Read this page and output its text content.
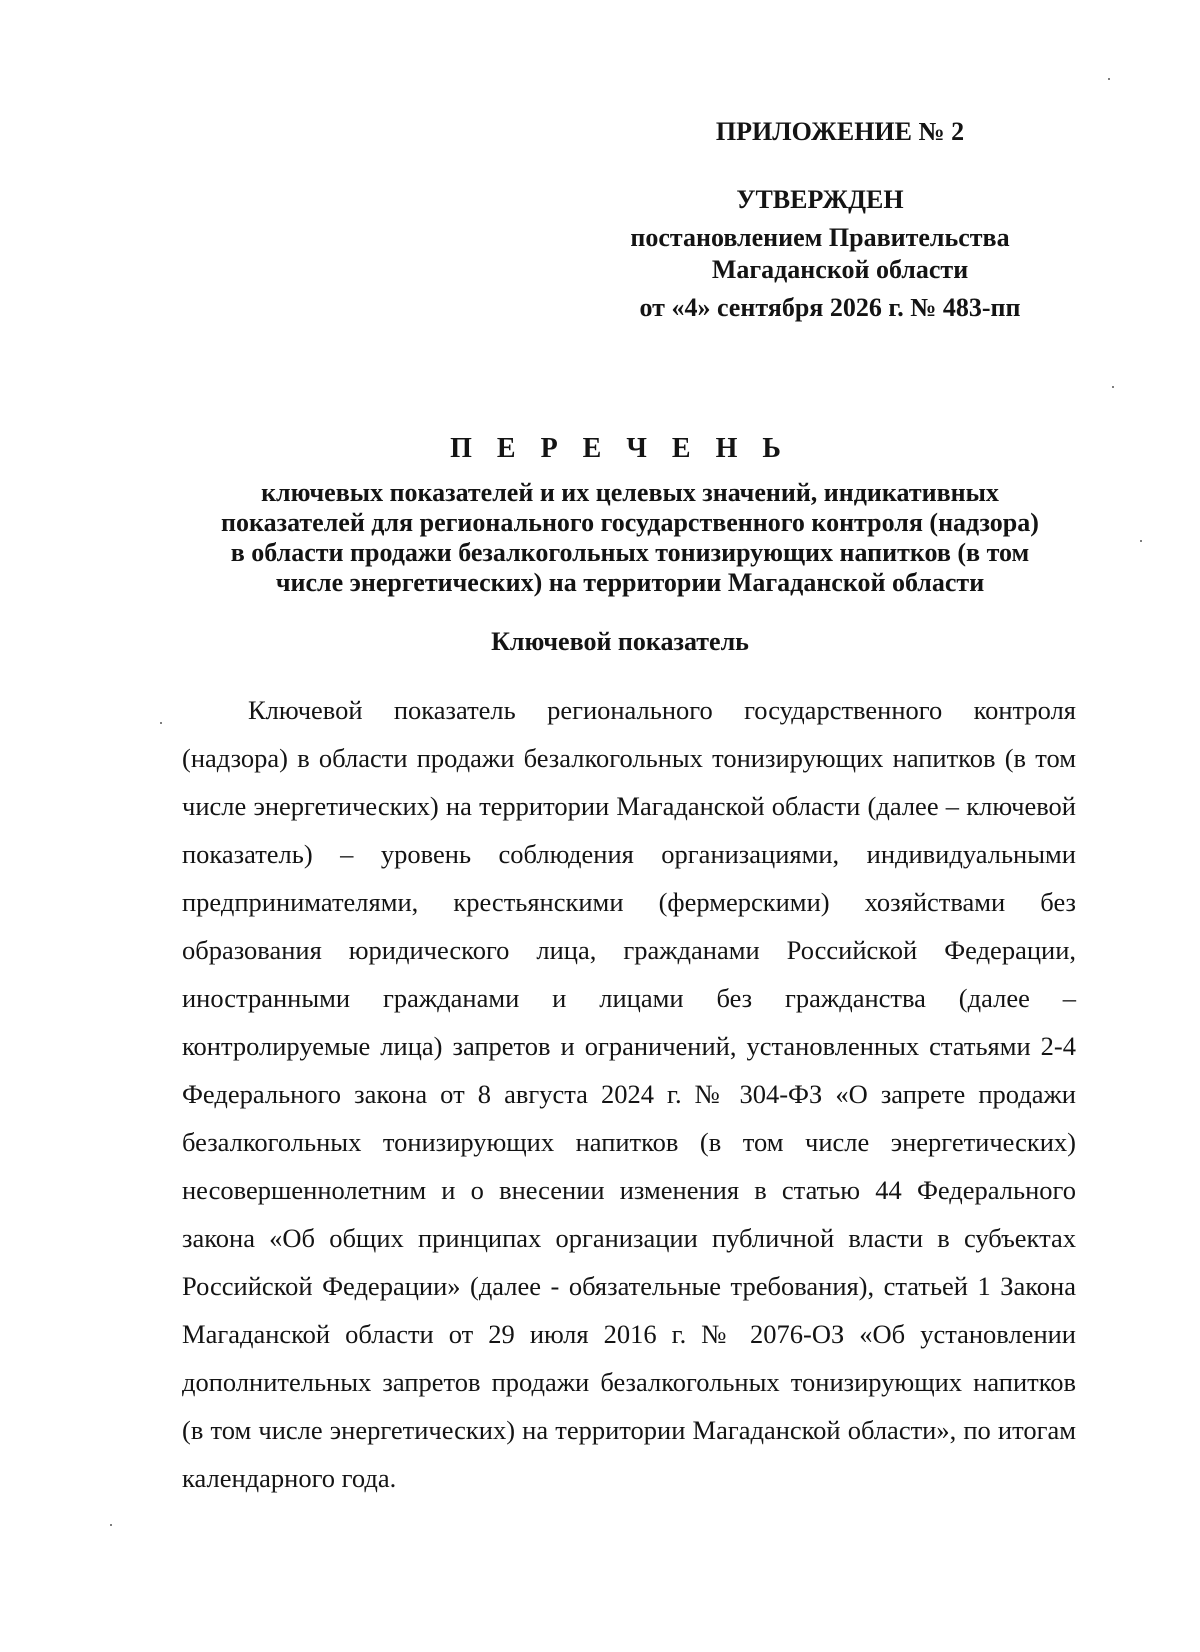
ПРИЛОЖЕНИЕ № 2
УТВЕРЖДЕН
постановлением Правительства
Магаданской области
от «4» сентября 2026 г. № 483-пп
П Е Р Е Ч Е Н Ь
ключевых показателей и их целевых значений, индикативных
показателей для регионального государственного контроля (надзора)
в области продажи безалкогольных тонизирующих напитков (в том
числе энергетических) на территории Магаданской области
Ключевой показатель

Ключевой показатель регионального государственного контроля (надзора) в области продажи безалкогольных тонизирующих напитков (в том числе энергетических) на территории Магаданской области (далее – ключевой показатель) – уровень соблюдения организациями, индивидуальными предпринимателями, крестьянскими (фермерскими) хозяйствами без образования юридического лица, гражданами Российской Федерации, иностранными гражданами и лицами без гражданства (далее – контролируемые лица) запретов и ограничений, установленных статьями 2-4 Федерального закона от 8 августа 2024 г. № 304-ФЗ «О запрете продажи безалкогольных тонизирующих напитков (в том числе энергетических) несовершеннолетним и о внесении изменения в статью 44 Федерального закона «Об общих принципах организации публичной власти в субъектах Российской Федерации» (далее - обязательные требования), статьей 1 Закона Магаданской области от 29 июля 2016 г. № 2076-ОЗ «Об установлении дополнительных запретов продажи безалкогольных тонизирующих напитков (в том числе энергетических) на территории Магаданской области», по итогам календарного года.
